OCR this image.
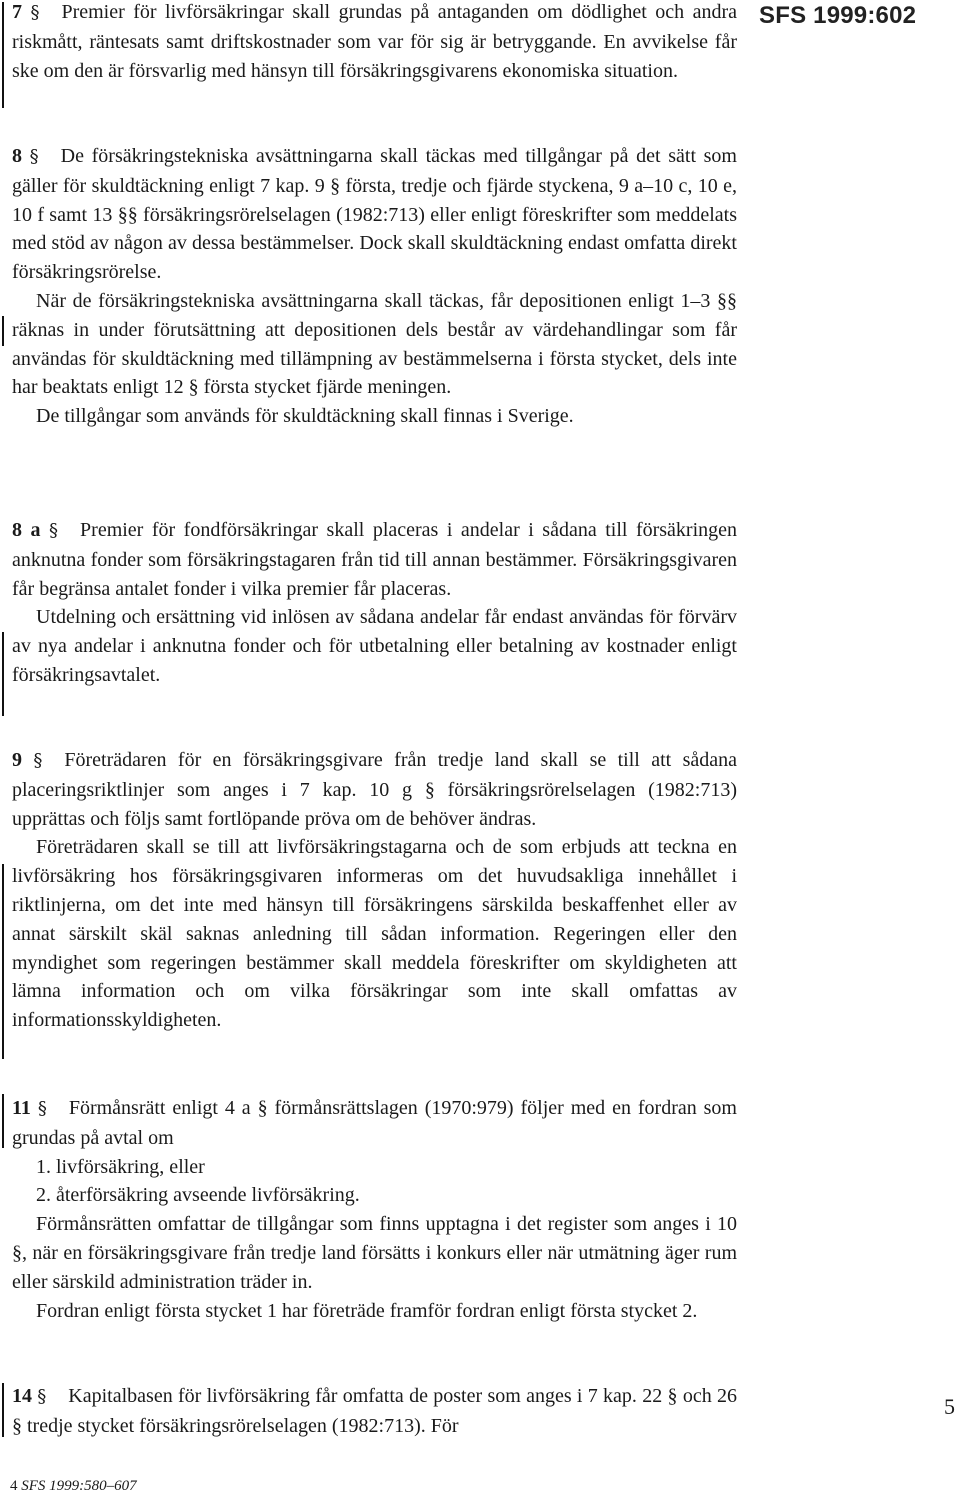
SFS 1999:602

7 § Premier för livförsäkringar skall grundas på antaganden om dödlighet och andra riskmått, räntesats samt driftskostnader som var för sig är betryggande. En avvikelse får ske om den är försvarlig med hänsyn till försäkringsgivarens ekonomiska situation.

8 § De försäkringstekniska avsättningarna skall täckas med tillgångar på det sätt som gäller för skuldtäckning enligt 7 kap. 9 § första, tredje och fjärde styckena, 9 a–10 c, 10 e, 10 f samt 13 §§ försäkringsrörelselagen (1982:713) eller enligt föreskrifter som meddelats med stöd av någon av dessa bestämmelser. Dock skall skuldtäckning endast omfatta direkt försäkringsrörelse.

När de försäkringstekniska avsättningarna skall täckas, får depositionen enligt 1–3 §§ räknas in under förutsättning att depositionen dels består av värdehandlingar som får användas för skuldtäckning med tillämpning av bestämmelserna i första stycket, dels inte har beaktats enligt 12 § första stycket fjärde meningen.

De tillgångar som används för skuldtäckning skall finnas i Sverige.

8 a § Premier för fondförsäkringar skall placeras i andelar i sådana till försäkringen anknutna fonder som försäkringstagaren från tid till annan bestämmer. Försäkringsgivaren får begränsa antalet fonder i vilka premier får placeras.

Utdelning och ersättning vid inlösen av sådana andelar får endast användas för förvärv av nya andelar i anknutna fonder och för utbetalning eller betalning av kostnader enligt försäkringsavtalet.

9 § Företrädaren för en försäkringsgivare från tredje land skall se till att sådana placeringsriktlinjer som anges i 7 kap. 10 g § försäkringsrörelselagen (1982:713) upprättas och följs samt fortlöpande pröva om de behöver ändras.

Företrädaren skall se till att livförsäkringstagarna och de som erbjuds att teckna en livförsäkring hos försäkringsgivaren informeras om det huvudsakliga innehållet i riktlinjerna, om det inte med hänsyn till försäkringens särskilda beskaffenhet eller av annat särskilt skäl saknas anledning till sådan information. Regeringen eller den myndighet som regeringen bestämmer skall meddela föreskrifter om skyldigheten att lämna information och om vilka försäkringar som inte skall omfattas av informationsskyldigheten.

11 § Förmånsrätt enligt 4 a § förmånsrättslagen (1970:979) följer med en fordran som grundas på avtal om

1. livförsäkring, eller

2. återförsäkring avseende livförsäkring.

Förmånsrätten omfattar de tillgångar som finns upptagna i det register som anges i 10 §, när en försäkringsgivare från tredje land försätts i konkurs eller när utmätning äger rum eller särskild administration träder in.

Fordran enligt första stycket 1 har företräde framför fordran enligt första stycket 2.

14 § Kapitalbasen för livförsäkring får omfatta de poster som anges i 7 kap. 22 § och 26 § tredje stycket försäkringsrörelselagen (1982:713). För

5
4 SFS 1999:580–607
